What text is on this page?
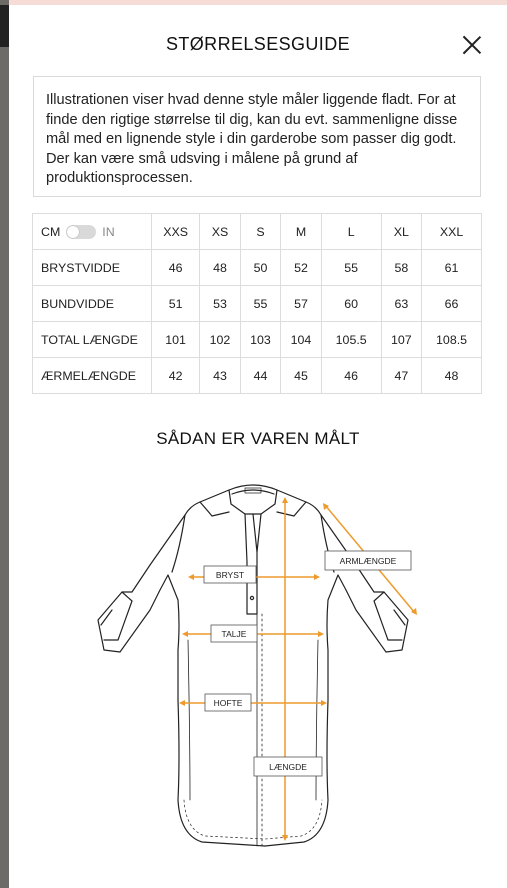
STØRRELSESGUIDE
Illustrationen viser hvad denne style måler liggende fladt. For at finde den rigtige størrelse til dig, kan du evt. sammenligne disse mål med en lignende style i din garderobe som passer dig godt. Der kan være små udsving i målene på grund af produktionsprocessen.
CM IN	XXS	XS	S	M	L	XL	XXL
BRYSTVIDDE	46	48	50	52	55	58	61
BUNDVIDDE	51	53	55	57	60	63	66
TOTAL LÆNGDE	101	102	103	104	105.5	107	108.5
ÆRMELÆNGDE	42	43	44	45	46	47	48
SÅDAN ER VAREN MÅLT
BRYST
TALJE
HOFTE
LÆNGDE
ARMLÆNGDE
